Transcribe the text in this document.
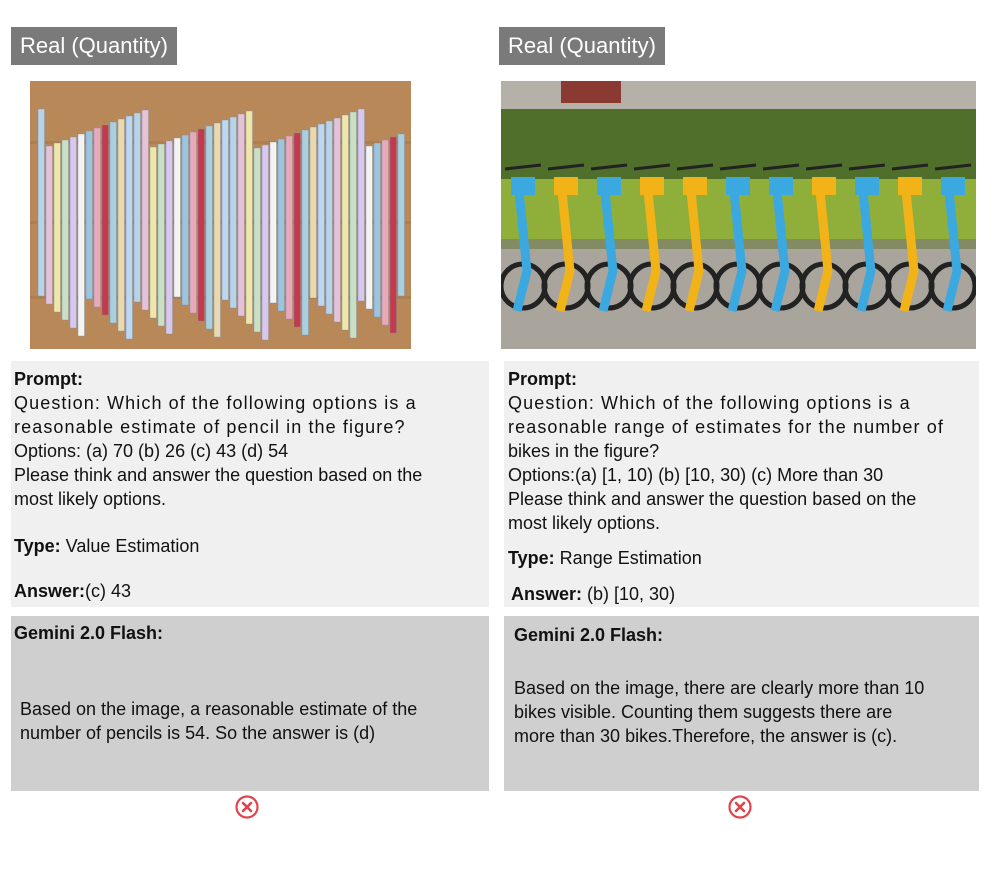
Real (Quantity)
Prompt:
Question: Which of the following options is a
reasonable estimate of pencil in the figure?
Options: (a) 70 (b) 26 (c) 43 (d) 54
Please think and answer the question based on the
most likely options.
Type: Value Estimation
Answer:(c) 43
Gemini 2.0 Flash:
Based on the image, a reasonable estimate of the
number of pencils is 54. So the answer is (d)
Real (Quantity)
Prompt:
Question: Which of the following options is a
reasonable range of estimates for the number of
bikes in the figure?
Options:(a) [1, 10) (b) [10, 30) (c) More than 30
Please think and answer the question based on the
most likely options.
Type: Range Estimation
Answer: (b) [10, 30)
Gemini 2.0 Flash:
Based on the image, there are clearly more than 10
bikes visible. Counting them suggests there are
more than 30 bikes.Therefore, the answer is (c).
